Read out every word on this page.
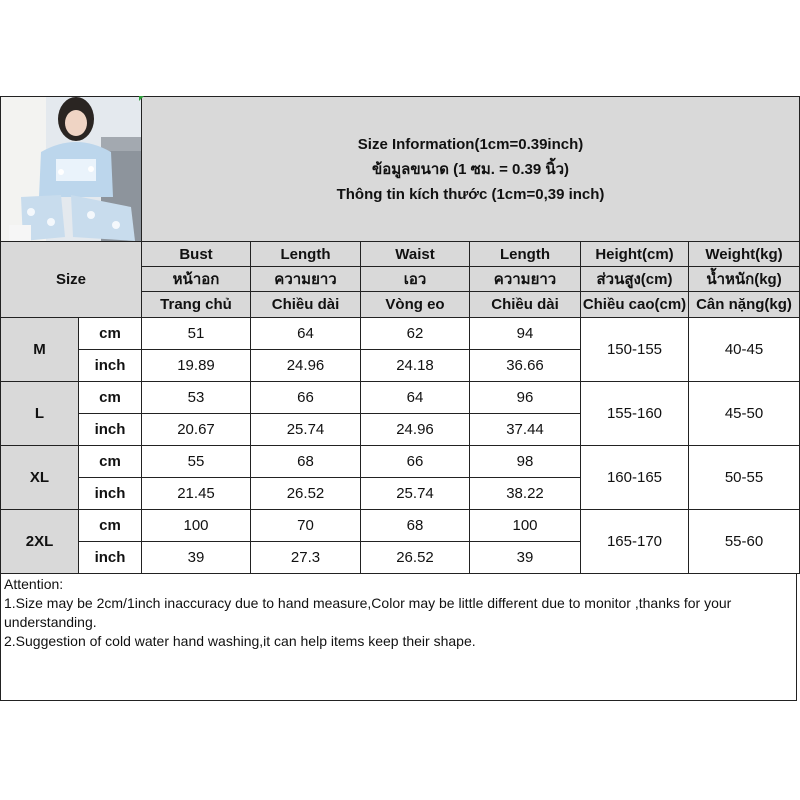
Size Information(1cm=0.39inch)
ข้อมูลขนาด (1 ซม. = 0.39 นิ้ว)
Thông tin kích thước (1cm=0,39 inch)					

Size		Bust	Length	Waist	Length	Height(cm)	Weight(kg)
		หน้าอก	ความยาว	เอว	ความยาว	ส่วนสูง(cm)	น้ำหนัก(kg)
		Trang chủ	Chiều dài	Vòng eo	Chiều dài	Chiều cao(cm)	Cân nặng(kg)
M	cm	51	64	62	94	150-155	40-45
	inch	19.89	24.96	24.18	36.66		
L	cm	53	66	64	96	155-160	45-50
	inch	20.67	25.74	24.96	37.44		
XL	cm	55	68	66	98	160-165	50-55
	inch	21.45	26.52	25.74	38.22		
2XL	cm	100	70	68	100	165-170	55-60
	inch	39	27.3	26.52	39		
Attention:
1.Size may be 2cm/1inch inaccuracy due to hand measure,Color may be little different due to monitor ,thanks for your understanding.
2.Suggestion of cold water hand washing,it can help items keep their shape.
